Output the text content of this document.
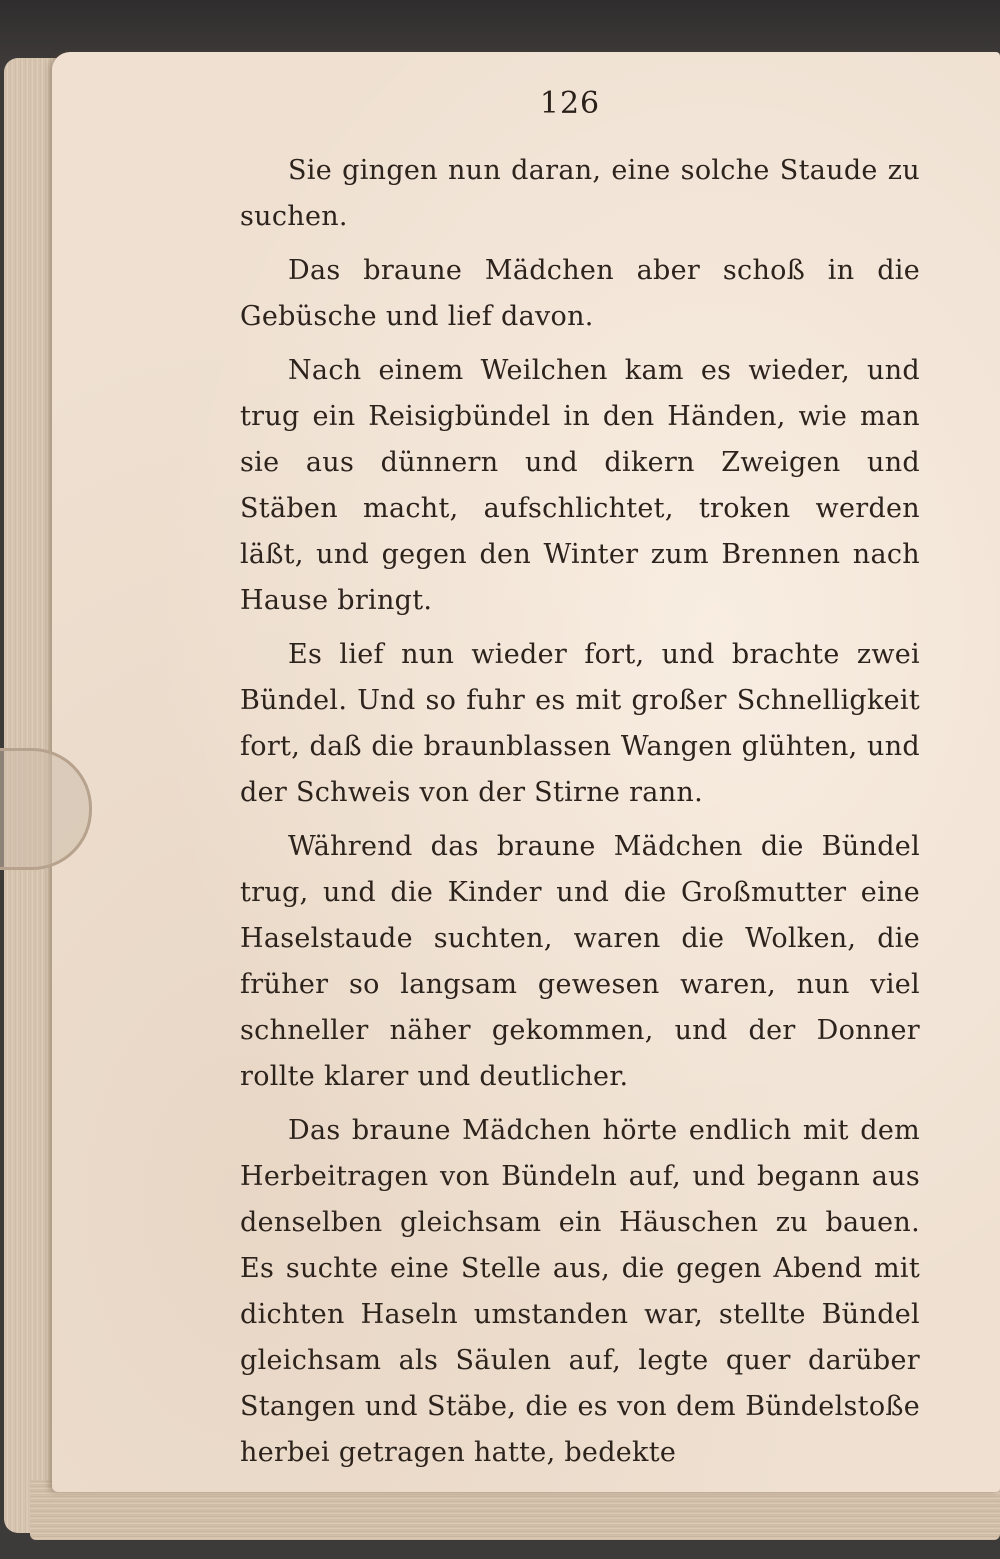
126

Sie gingen nun daran, eine solche Staude zu suchen.

Das braune Mädchen aber schoß in die Gebüsche und lief davon.

Nach einem Weilchen kam es wieder, und trug ein Reisigbündel in den Händen, wie man sie aus dünnern und dikern Zweigen und Stäben macht, aufschlichtet, troken werden läßt, und gegen den Winter zum Brennen nach Hause bringt.

Es lief nun wieder fort, und brachte zwei Bündel. Und so fuhr es mit großer Schnelligkeit fort, daß die braunblassen Wangen glühten, und der Schweis von der Stirne rann.

Während das braune Mädchen die Bündel trug, und die Kinder und die Großmutter eine Haselstaude suchten, waren die Wolken, die früher so langsam gewesen waren, nun viel schneller näher gekommen, und der Donner rollte klarer und deutlicher.

Das braune Mädchen hörte endlich mit dem Herbeitragen von Bündeln auf, und begann aus denselben gleichsam ein Häuschen zu bauen. Es suchte eine Stelle aus, die gegen Abend mit dichten Haseln umstanden war, stellte Bündel gleichsam als Säulen auf, legte quer darüber Stangen und Stäbe, die es von dem Bündelstoße herbei getragen hatte, bedekte
